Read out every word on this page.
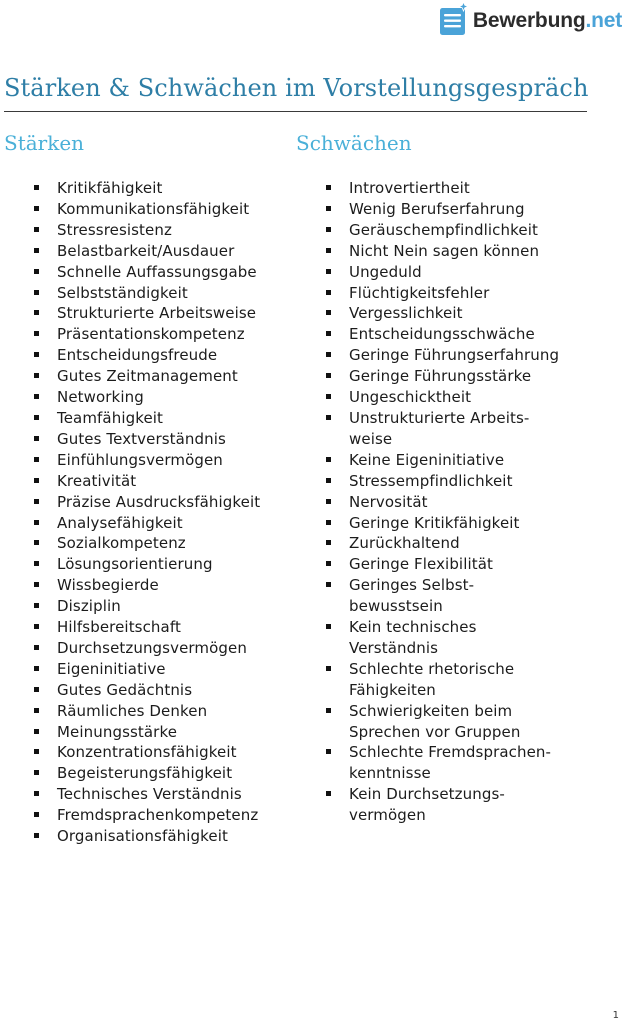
Bewerbung.net
Stärken & Schwächen im Vorstellungsgespräch
Stärken	Schwächen
Kritikfähigkeit
Kommunikationsfähigkeit
Stressresistenz
Belastbarkeit/Ausdauer
Schnelle Auffassungsgabe
Selbstständigkeit
Strukturierte Arbeitsweise
Präsentationskompetenz
Entscheidungsfreude
Gutes Zeitmanagement
Networking
Teamfähigkeit
Gutes Textverständnis
Einfühlungsvermögen
Kreativität
Präzise Ausdrucksfähigkeit
Analysefähigkeit
Sozialkompetenz
Lösungsorientierung
Wissbegierde
Disziplin
Hilfsbereitschaft
Durchsetzungsvermögen
Eigeninitiative
Gutes Gedächtnis
Räumliches Denken
Meinungsstärke
Konzentrationsfähigkeit
Begeisterungsfähigkeit
Technisches Verständnis
Fremdsprachenkompetenz
Organisationsfähigkeit
Introvertiertheit
Wenig Berufserfahrung
Geräuschempfindlichkeit
Nicht Nein sagen können
Ungeduld
Flüchtigkeitsfehler
Vergesslichkeit
Entscheidungsschwäche
Geringe Führungserfahrung
Geringe Führungsstärke
Ungeschicktheit
Unstrukturierte Arbeits-
weise
Keine Eigeninitiative
Stressempfindlichkeit
Nervosität
Geringe Kritikfähigkeit
Zurückhaltend
Geringe Flexibilität
Geringes Selbst-
bewusstsein
Kein technisches
Verständnis
Schlechte rhetorische
Fähigkeiten
Schwierigkeiten beim
Sprechen vor Gruppen
Schlechte Fremdsprachen-
kenntnisse
Kein Durchsetzungs-
vermögen
1
